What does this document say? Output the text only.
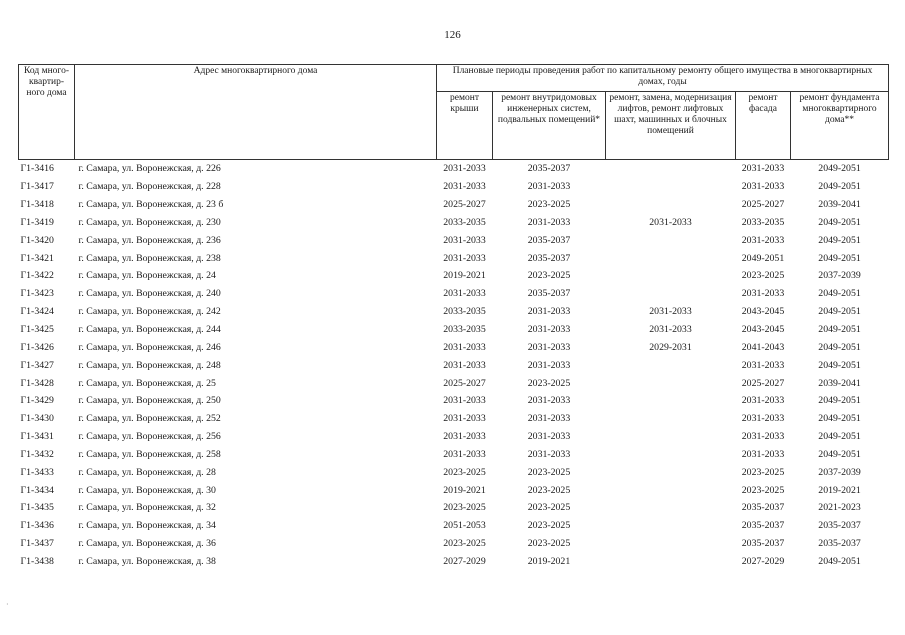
126
Код много-квартир-ного дома	Адрес многоквартирного дома	Плановые периоды проведения работ по капитальному ремонту общего имущества в многоквартирных домах, годы				
		ремонт крыши	ремонт внутридомовых инженерных систем, подвальных помещений*	ремонт, замена, модернизация лифтов, ремонт лифтовых шахт, машинных и блочных помещений	ремонт фасада	ремонт фундамента многоквартирного дома**
Г1-3416	г. Самара, ул. Воронежская, д. 226	2031-2033	2035-2037		2031-2033	2049-2051
Г1-3417	г. Самара, ул. Воронежская, д. 228	2031-2033	2031-2033		2031-2033	2049-2051
Г1-3418	г. Самара, ул. Воронежская, д. 23 б	2025-2027	2023-2025		2025-2027	2039-2041
Г1-3419	г. Самара, ул. Воронежская, д. 230	2033-2035	2031-2033	2031-2033	2033-2035	2049-2051
Г1-3420	г. Самара, ул. Воронежская, д. 236	2031-2033	2035-2037		2031-2033	2049-2051
Г1-3421	г. Самара, ул. Воронежская, д. 238	2031-2033	2035-2037		2049-2051	2049-2051
Г1-3422	г. Самара, ул. Воронежская, д. 24	2019-2021	2023-2025		2023-2025	2037-2039
Г1-3423	г. Самара, ул. Воронежская, д. 240	2031-2033	2035-2037		2031-2033	2049-2051
Г1-3424	г. Самара, ул. Воронежская, д. 242	2033-2035	2031-2033	2031-2033	2043-2045	2049-2051
Г1-3425	г. Самара, ул. Воронежская, д. 244	2033-2035	2031-2033	2031-2033	2043-2045	2049-2051
Г1-3426	г. Самара, ул. Воронежская, д. 246	2031-2033	2031-2033	2029-2031	2041-2043	2049-2051
Г1-3427	г. Самара, ул. Воронежская, д. 248	2031-2033	2031-2033		2031-2033	2049-2051
Г1-3428	г. Самара, ул. Воронежская, д. 25	2025-2027	2023-2025		2025-2027	2039-2041
Г1-3429	г. Самара, ул. Воронежская, д. 250	2031-2033	2031-2033		2031-2033	2049-2051
Г1-3430	г. Самара, ул. Воронежская, д. 252	2031-2033	2031-2033		2031-2033	2049-2051
Г1-3431	г. Самара, ул. Воронежская, д. 256	2031-2033	2031-2033		2031-2033	2049-2051
Г1-3432	г. Самара, ул. Воронежская, д. 258	2031-2033	2031-2033		2031-2033	2049-2051
Г1-3433	г. Самара, ул. Воронежская, д. 28	2023-2025	2023-2025		2023-2025	2037-2039
Г1-3434	г. Самара, ул. Воронежская, д. 30	2019-2021	2023-2025		2023-2025	2019-2021
Г1-3435	г. Самара, ул. Воронежская, д. 32	2023-2025	2023-2025		2035-2037	2021-2023
Г1-3436	г. Самара, ул. Воронежская, д. 34	2051-2053	2023-2025		2035-2037	2035-2037
Г1-3437	г. Самара, ул. Воронежская, д. 36	2023-2025	2023-2025		2035-2037	2035-2037
Г1-3438	г. Самара, ул. Воронежская, д. 38	2027-2029	2019-2021		2027-2029	2049-2051
·
